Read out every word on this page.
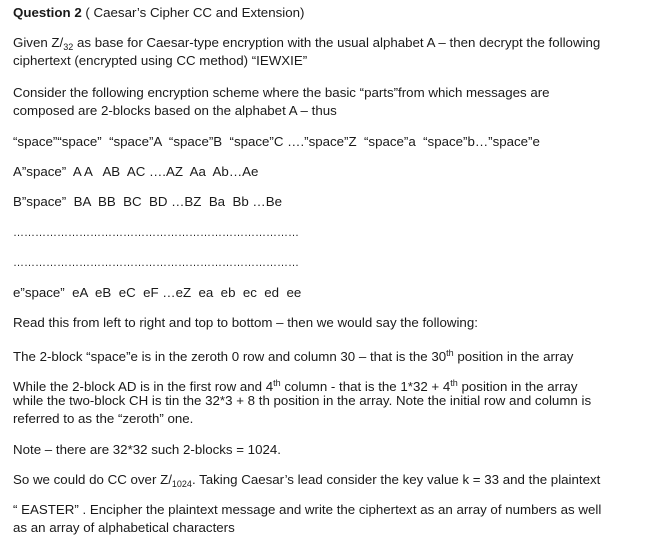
Question 2 ( Caesar’s Cipher CC and Extension)
Given $Z/_{32}$ as base for Caesar-type encryption with the usual alphabet A – then decrypt the following
ciphertext (encrypted using CC method) “IEWXIE”
Consider the following encryption scheme where the basic “parts”from which messages are
composed are 2-blocks based on the alphabet A – thus
“space”“space”  “space”A  “space”B  “space”C ….”space”Z  “space”a  “space”b…”space”e
A”space”  A A   AB  AC ….AZ  Aa  Ab…Ae
B”space”  BA  BB  BC  BD …BZ  Ba  Bb …Be
……………………………………………………………………
……………………………………………………………………
e”space”  eA  eB  eC  eF …eZ  ea  eb  ec  ed  ee
Read this from left to right and top to bottom – then we would say the following:
The 2-block “space”e is in the zeroth 0 row and column 30 – that is the 30th position in the array
While the 2-block AD is in the first row and 4th column - that is the 1*32 + 4th position in the array
while the two-block CH is tin the 32*3 + 8 th position in the array. Note the initial row and column is
referred to as the “zeroth” one.
Note – there are 32*32 such 2-blocks = 1024.
So we could do CC over $Z/_{1024}$. Taking Caesar’s lead consider the key value k = 33 and the plaintext
“ EASTER” . Encipher the plaintext message and write the ciphertext as an array of numbers as well
as an array of alphabetical characters
